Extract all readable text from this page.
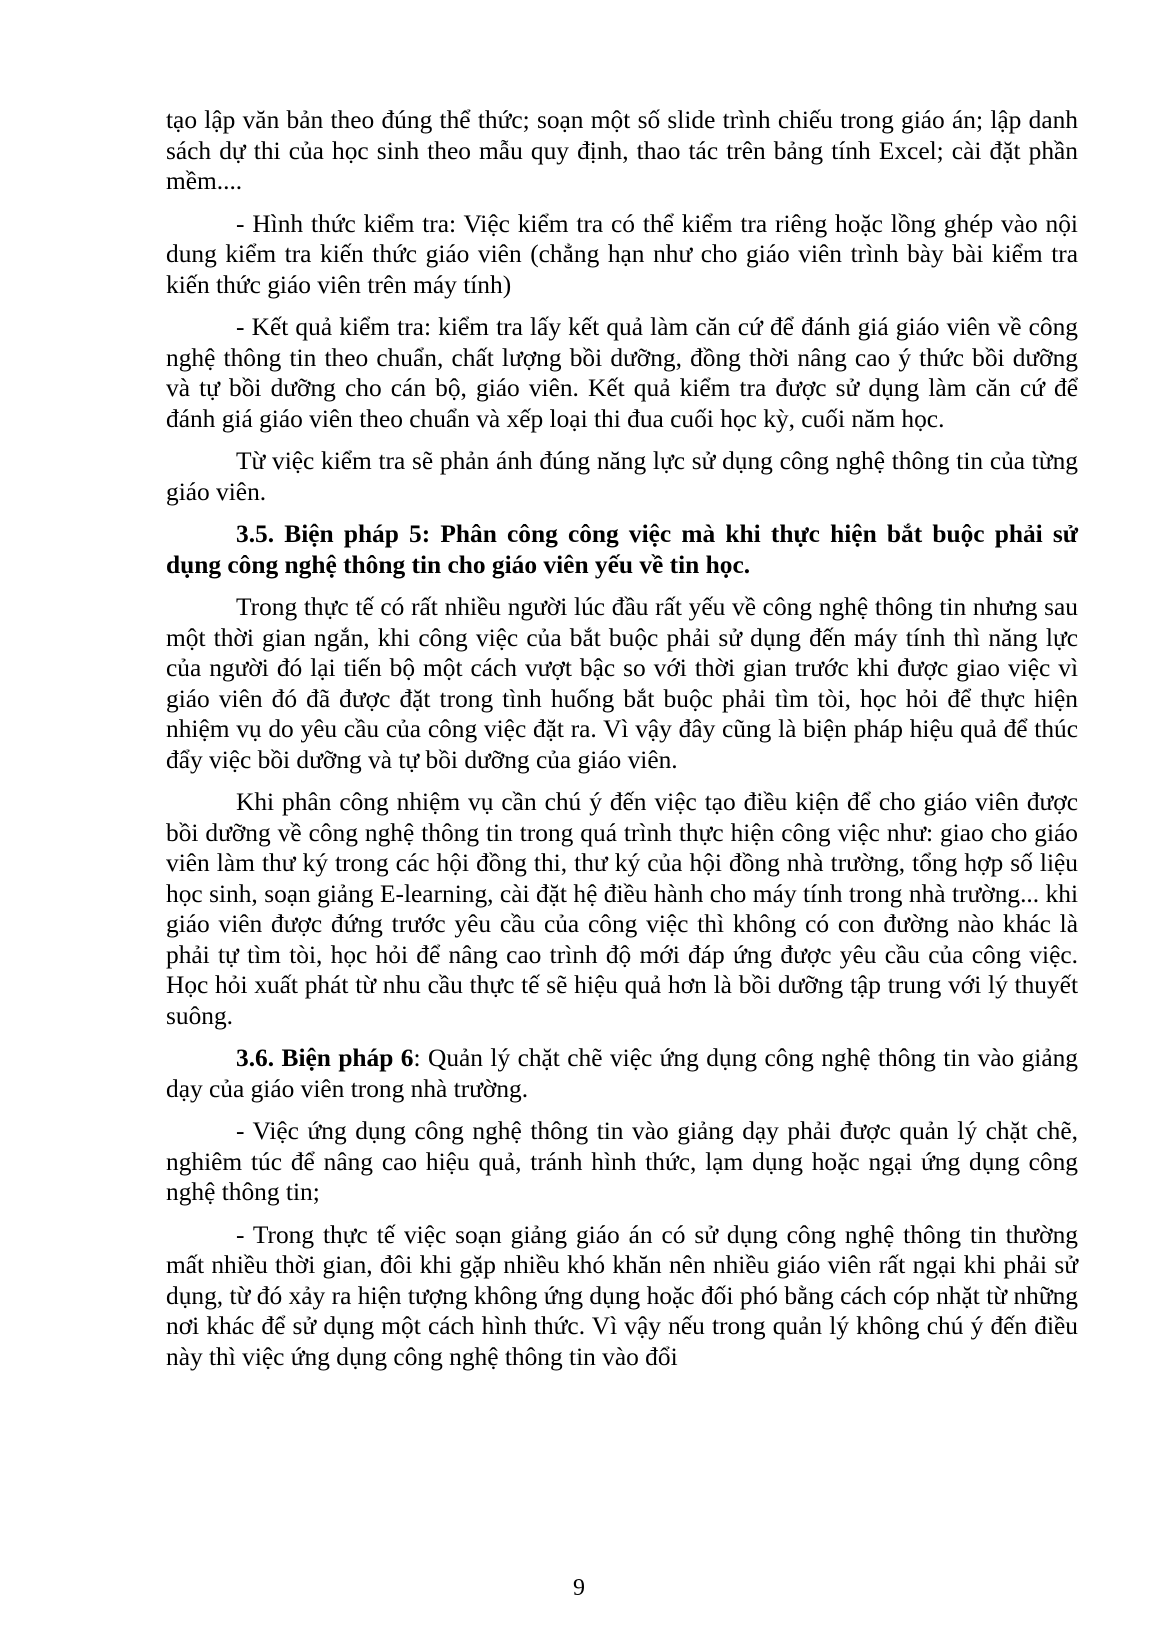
tạo lập văn bản theo đúng thể thức; soạn một số slide trình chiếu trong giáo án; lập danh sách dự thi của học sinh theo mẫu quy định, thao tác trên bảng tính Excel; cài đặt phần mềm....

- Hình thức kiểm tra: Việc kiểm tra có thể kiểm tra riêng hoặc lồng ghép vào nội dung kiểm tra kiến thức giáo viên (chẳng hạn như cho giáo viên trình bày bài kiểm tra kiến thức giáo viên trên máy tính)

- Kết quả kiểm tra: kiểm tra lấy kết quả làm căn cứ để đánh giá giáo viên về công nghệ thông tin theo chuẩn, chất lượng bồi dưỡng, đồng thời nâng cao ý thức bồi dưỡng và tự bồi dưỡng cho cán bộ, giáo viên. Kết quả kiểm tra được sử dụng làm căn cứ để đánh giá giáo viên theo chuẩn và xếp loại thi đua cuối học kỳ, cuối năm học.

Từ việc kiểm tra sẽ phản ánh đúng năng lực sử dụng công nghệ thông tin của từng giáo viên.

3.5. Biện pháp 5: Phân công công việc mà khi thực hiện bắt buộc phải sử dụng công nghệ thông tin cho giáo viên yếu về tin học.

Trong thực tế có rất nhiều người lúc đầu rất yếu về công nghệ thông tin nhưng sau một thời gian ngắn, khi công việc của bắt buộc phải sử dụng đến máy tính thì năng lực của người đó lại tiến bộ một cách vượt bậc so với thời gian trước khi được giao việc vì giáo viên đó đã được đặt trong tình huống bắt buộc phải tìm tòi, học hỏi để thực hiện nhiệm vụ do yêu cầu của công việc đặt ra. Vì vậy đây cũng là biện pháp hiệu quả để thúc đẩy việc bồi dưỡng và tự bồi dưỡng của giáo viên.

Khi phân công nhiệm vụ cần chú ý đến việc tạo điều kiện để cho giáo viên được bồi dưỡng về công nghệ thông tin trong quá trình thực hiện công việc như: giao cho giáo viên làm thư ký trong các hội đồng thi, thư ký của hội đồng nhà trường, tổng hợp số liệu học sinh, soạn giảng E-learning, cài đặt hệ điều hành cho máy tính trong nhà trường... khi giáo viên được đứng trước yêu cầu của công việc thì không có con đường nào khác là phải tự tìm tòi, học hỏi để nâng cao trình độ mới đáp ứng được yêu cầu của công việc. Học hỏi xuất phát từ nhu cầu thực tế sẽ hiệu quả hơn là bồi dưỡng tập trung với lý thuyết suông.

3.6. Biện pháp 6: Quản lý chặt chẽ việc ứng dụng công nghệ thông tin vào giảng dạy của giáo viên trong nhà trường.

- Việc ứng dụng công nghệ thông tin vào giảng dạy phải được quản lý chặt chẽ, nghiêm túc để nâng cao hiệu quả, tránh hình thức, lạm dụng hoặc ngại ứng dụng công nghệ thông tin;

- Trong thực tế việc soạn giảng giáo án có sử dụng công nghệ thông tin thường mất nhiều thời gian, đôi khi gặp nhiều khó khăn nên nhiều giáo viên rất ngại khi phải sử dụng, từ đó xảy ra hiện tượng không ứng dụng hoặc đối phó bằng cách cóp nhặt từ những nơi khác để sử dụng một cách hình thức. Vì vậy nếu trong quản lý không chú ý đến điều này thì việc ứng dụng công nghệ thông tin vào đổi

9
